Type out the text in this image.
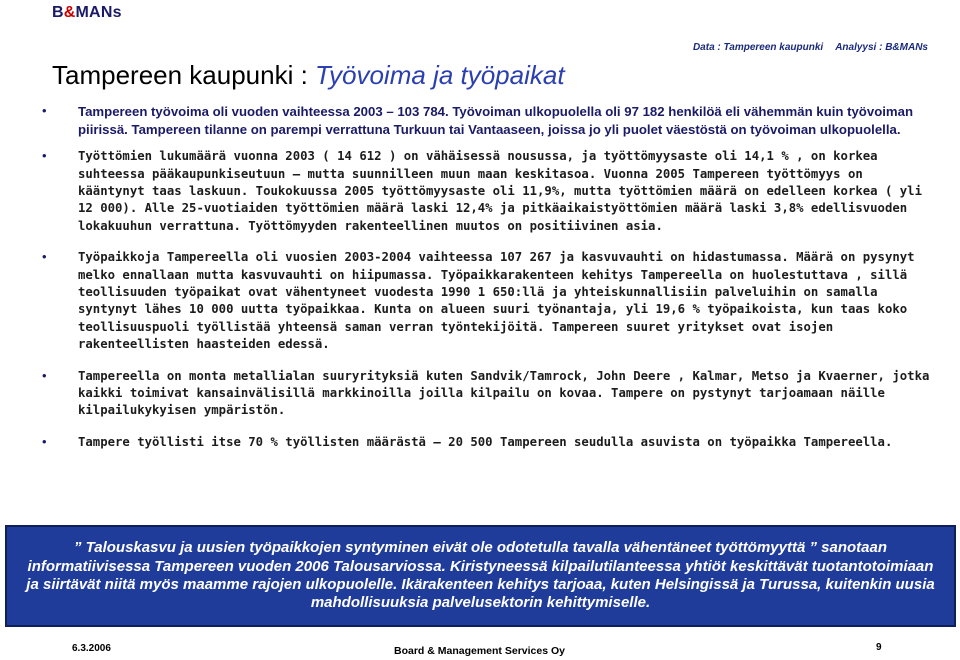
B&MANs
Data : Tampereen kaupunki Analyysi : B&MANs
Tampereen kaupunki : Työvoima ja työpaikat
• Tampereen työvoima oli vuoden vaihteessa 2003 – 103 784. Työvoiman ulkopuolella oli 97 182 henkilöä eli vähemmän kuin työvoiman piirissä. Tampereen tilanne on parempi verrattuna Turkuun tai Vantaaseen, joissa jo yli puolet väestöstä on työvoiman ulkopuolella.
•	Työttömien lukumäärä vuonna 2003 ( 14 612 ) on vähäisessä nousussa, ja työttömyysaste oli 14,1 % , on korkea suhteessa pääkaupunkiseutuun – mutta suunnilleen muun maan keskitasoa. Vuonna 2005 Tampereen työttömyys on kääntynyt taas laskuun. Toukokuussa 2005 työttömyysaste oli 11,9%, mutta työttömien määrä on edelleen korkea ( yli 12 000). Alle 25-vuotiaiden työttömien määrä laski 12,4% ja pitkäaikaistyöttömien määrä laski 3,8% edellisvuoden lokakuuhun verrattuna. Työttömyyden rakenteellinen muutos on positiivinen asia.
•	Työpaikkoja Tampereella oli vuosien 2003-2004 vaihteessa 107 267 ja kasvuvauhti on hidastumassa. Määrä on pysynyt melko ennallaan mutta kasvuvauhti on hiipumassa. Työpaikkarakenteen kehitys Tampereella on huolestuttava , sillä teollisuuden työpaikat ovat vähentyneet vuodesta 1990 1 650:llä ja yhteiskunnallisiin palveluihin on samalla syntynyt lähes 10 000 uutta työpaikkaa. Kunta on alueen suuri työnantaja, yli 19,6 % työpaikoista, kun taas koko teollisuuspuoli työllistää yhteensä saman verran työntekijöitä. Tampereen suuret yritykset ovat isojen rakenteellisten haasteiden edessä.
•	Tampereella on monta metallialan suuryrityksiä kuten Sandvik/Tamrock, John Deere , Kalmar, Metso ja Kvaerner, jotka kaikki toimivat kansainvälisillä markkinoilla joilla kilpailu on kovaa. Tampere on pystynyt tarjoamaan näille kilpailukykyisen ympäristön.
•	Tampere työllisti itse 70 % työllisten määrästä – 20 500 Tampereen seudulla asuvista on työpaikka Tampereella.
” Talouskasvu ja uusien työpaikkojen syntyminen eivät ole odotetulla tavalla vähentäneet työttömyyttä ” sanotaan informatiivisessa Tampereen vuoden 2006 Talousarviossa. Kiristyneessä kilpailutilanteessa yhtiöt keskittävät tuotantotoimiaan ja siirtävät niitä myös maamme rajojen ulkopuolelle. Ikärakenteen kehitys tarjoaa, kuten Helsingissä ja Turussa, kuitenkin uusia mahdollisuuksia palvelusektorin kehittymiselle.
6.3.2006	Board & Management Services Oy	9
